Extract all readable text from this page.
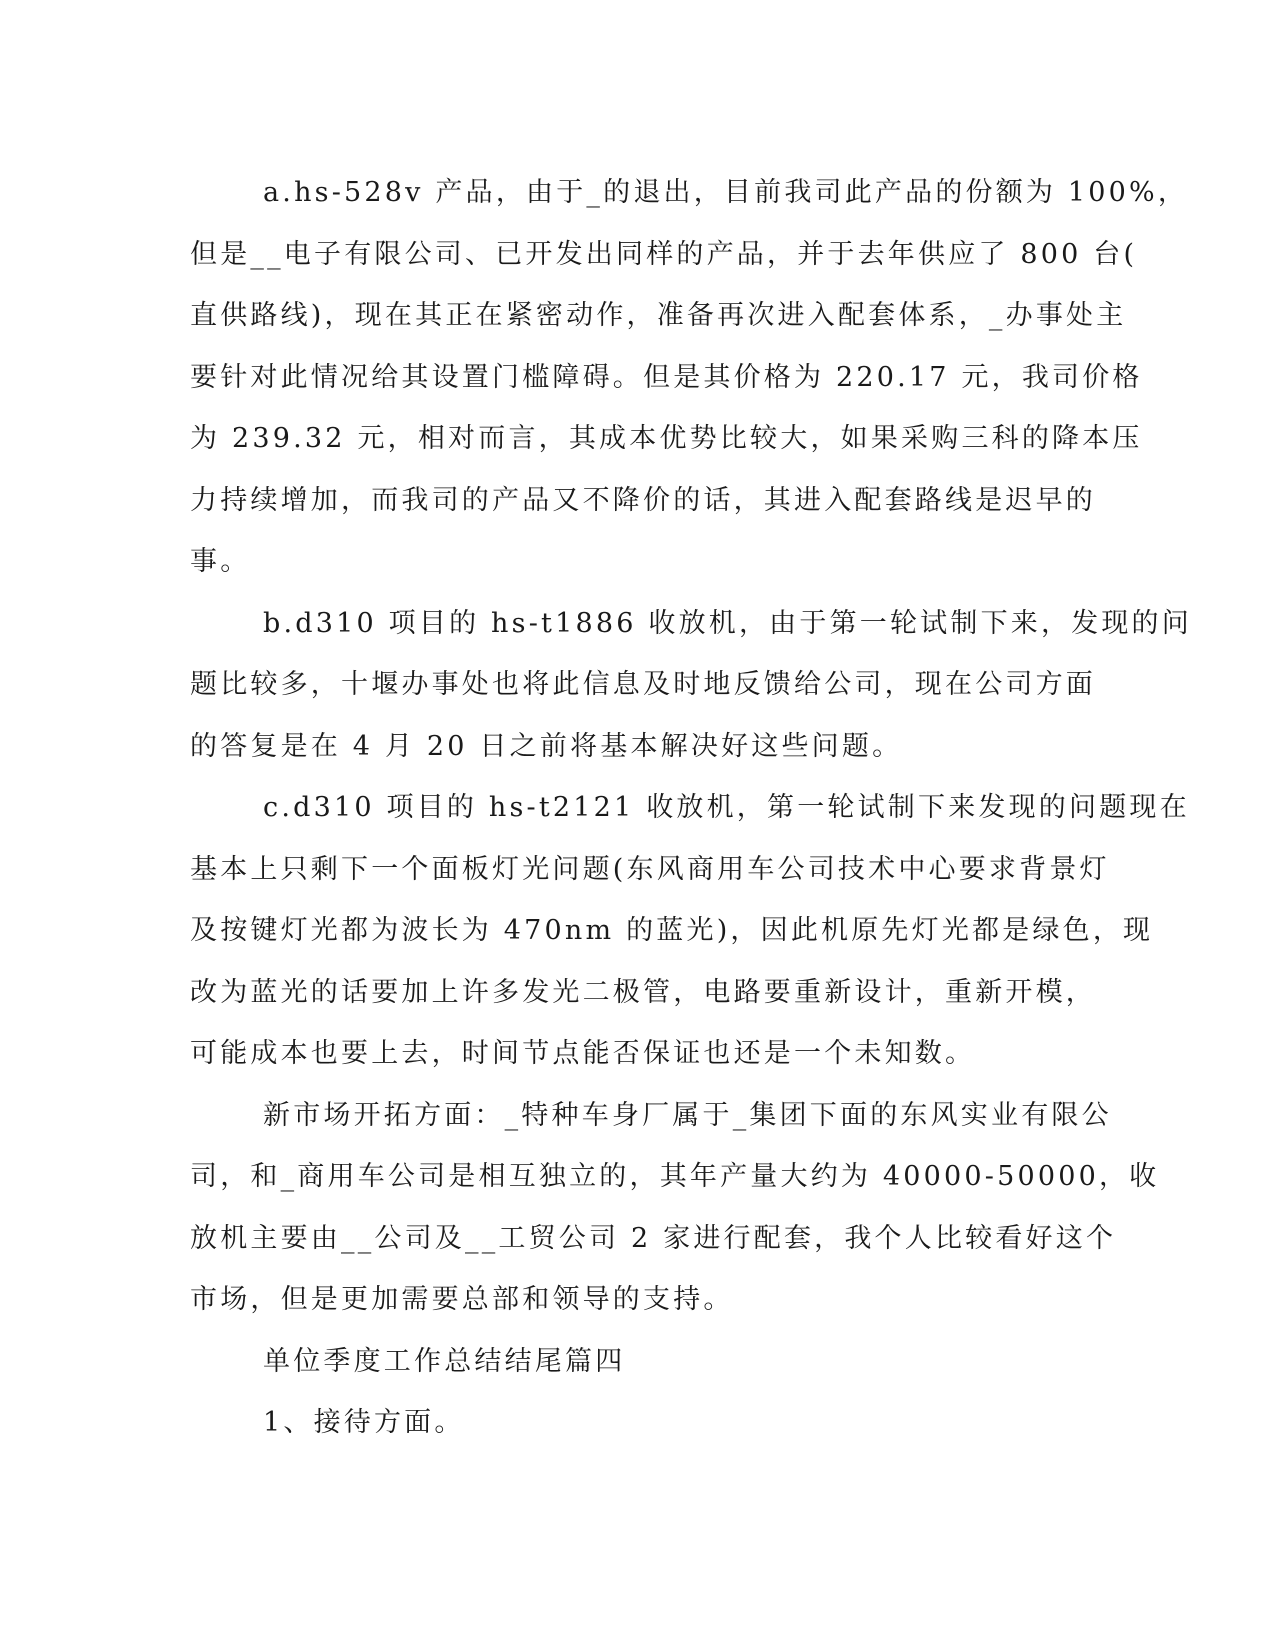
a.hs-528v 产品，由于_的退出，目前我司此产品的份额为 100%，
但是__电子有限公司、已开发出同样的产品，并于去年供应了 800 台(
直供路线)，现在其正在紧密动作，准备再次进入配套体系，_办事处主
要针对此情况给其设置门槛障碍。但是其价格为 220.17 元，我司价格
为 239.32 元，相对而言，其成本优势比较大，如果采购三科的降本压
力持续增加，而我司的产品又不降价的话，其进入配套路线是迟早的
事。
b.d310 项目的 hs-t1886 收放机，由于第一轮试制下来，发现的问
题比较多，十堰办事处也将此信息及时地反馈给公司，现在公司方面
的答复是在 4 月 20 日之前将基本解决好这些问题。
c.d310 项目的 hs-t2121 收放机，第一轮试制下来发现的问题现在
基本上只剩下一个面板灯光问题(东风商用车公司技术中心要求背景灯
及按键灯光都为波长为 470nm 的蓝光)，因此机原先灯光都是绿色，现
改为蓝光的话要加上许多发光二极管，电路要重新设计，重新开模，
可能成本也要上去，时间节点能否保证也还是一个未知数。
新市场开拓方面：_特种车身厂属于_集团下面的东风实业有限公
司，和_商用车公司是相互独立的，其年产量大约为 40000-50000，收
放机主要由__公司及__工贸公司 2 家进行配套，我个人比较看好这个
市场，但是更加需要总部和领导的支持。
单位季度工作总结结尾篇四
1、接待方面。
